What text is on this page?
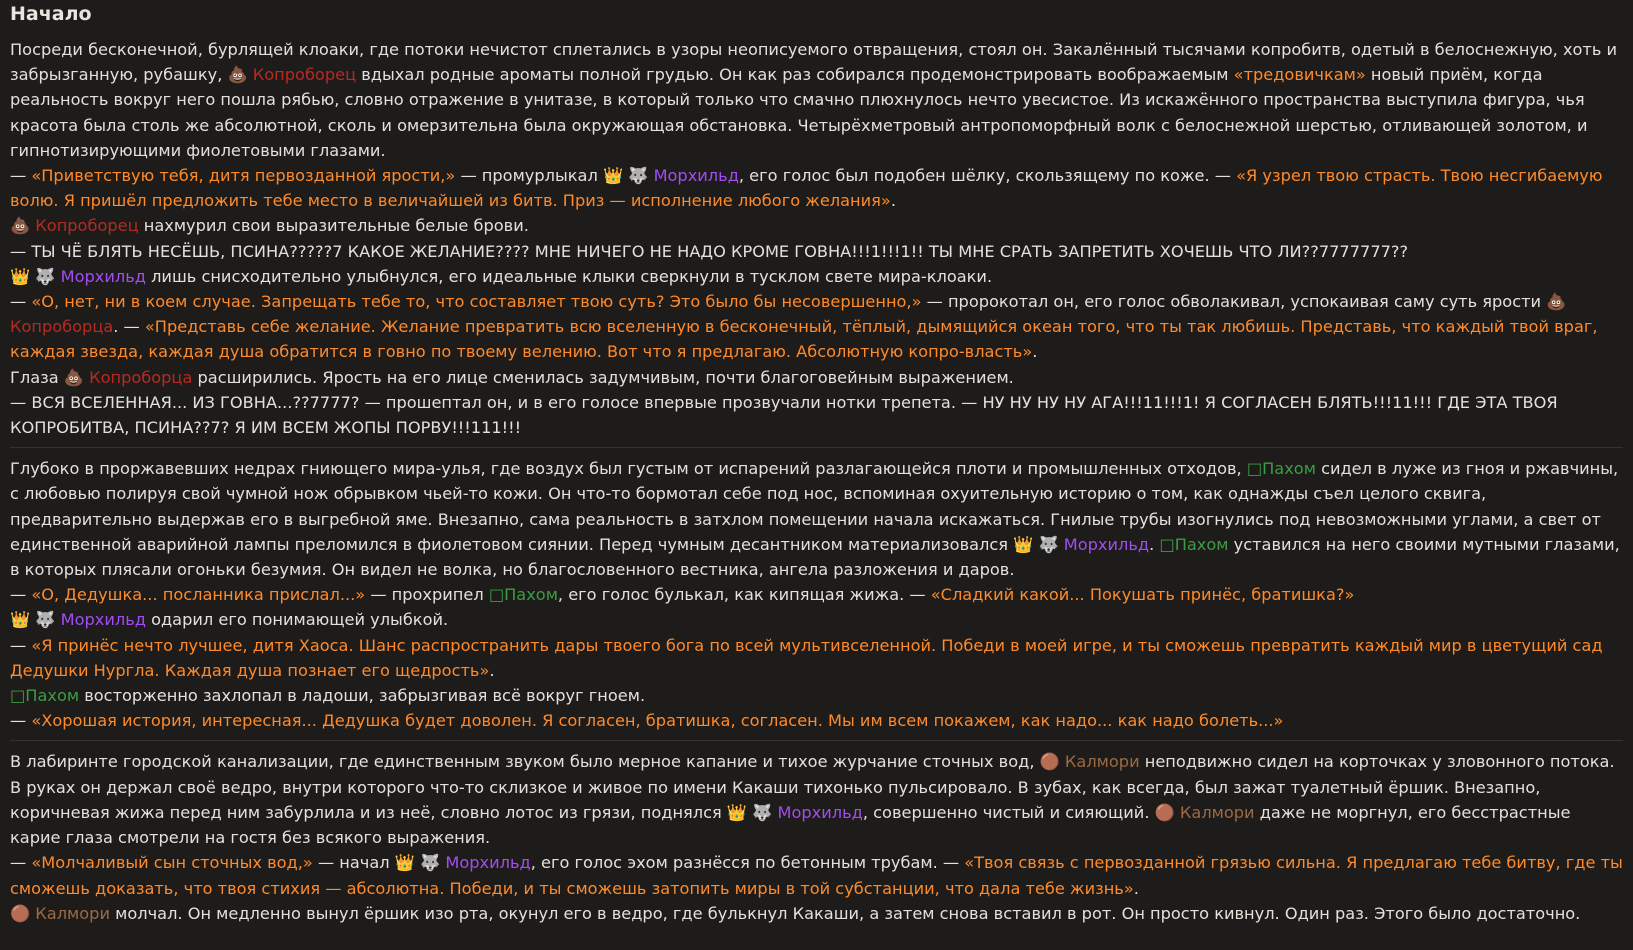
Начало

Посреди бесконечной, бурлящей клоаки, где потоки нечистот сплетались в узоры неописуемого отвращения, стоял он. Закалённый тысячами копробитв, одетый в белоснежную, хоть и забрызганную, рубашку, 💩 Копроборец вдыхал родные ароматы полной грудью. Он как раз собирался продемонстрировать воображаемым «тредовичкам» новый приём, когда реальность вокруг него пошла рябью, словно отражение в унитазе, в который только что смачно плюхнулось нечто увесистое. Из искажённого пространства выступила фигура, чья красота была столь же абсолютной, сколь и омерзительна была окружающая обстановка. Четырёхметровый антропоморфный волк с белоснежной шерстью, отливающей золотом, и гипнотизирующими фиолетовыми глазами.

— «Приветствую тебя, дитя первозданной ярости,» — промурлыкал 👑 🐺 Морхильд, его голос был подобен шёлку, скользящему по коже. — «Я узрел твою страсть. Твою несгибаемую волю. Я пришёл предложить тебе место в величайшей из битв. Приз — исполнение любого желания».

💩 Копроборец нахмурил свои выразительные белые брови.

— ТЫ ЧЁ БЛЯТЬ НЕСЁШЬ, ПСИНА?????7 КАКОЕ ЖЕЛАНИЕ???? МНЕ НИЧЕГО НЕ НАДО КРОМЕ ГОВНА!!!1!!!1!! ТЫ МНЕ СРАТЬ ЗАПРЕТИТЬ ХОЧЕШЬ ЧТО ЛИ??7777777??

👑 🐺 Морхильд лишь снисходительно улыбнулся, его идеальные клыки сверкнули в тусклом свете мира-клоаки.

— «О, нет, ни в коем случае. Запрещать тебе то, что составляет твою суть? Это было бы несовершенно,» — пророкотал он, его голос обволакивал, успокаивая саму суть ярости 💩 Копроборца. — «Представь себе желание. Желание превратить всю вселенную в бесконечный, тёплый, дымящийся океан того, что ты так любишь. Представь, что каждый твой враг, каждая звезда, каждая душа обратится в говно по твоему велению. Вот что я предлагаю. Абсолютную копро-власть».

Глаза 💩 Копроборца расширились. Ярость на его лице сменилась задумчивым, почти благоговейным выражением.

— ВСЯ ВСЕЛЕННАЯ... ИЗ ГОВНА...??7777? — прошептал он, и в его голосе впервые прозвучали нотки трепета. — НУ НУ НУ НУ АГА!!!11!!!1! Я СОГЛАСЕН БЛЯТЬ!!!11!!! ГДЕ ЭТА ТВОЯ КОПРОБИТВА, ПСИНА??7? Я ИМ ВСЕМ ЖОПЫ ПОРВУ!!!111!!!

Глубоко в проржавевших недрах гниющего мира-улья, где воздух был густым от испарений разлагающейся плоти и промышленных отходов, □Пахом сидел в луже из гноя и ржавчины, с любовью полируя свой чумной нож обрывком чьей-то кожи. Он что-то бормотал себе под нос, вспоминая охуительную историю о том, как однажды съел целого сквига, предварительно выдержав его в выгребной яме. Внезапно, сама реальность в затхлом помещении начала искажаться. Гнилые трубы изогнулись под невозможными углами, а свет от единственной аварийной лампы преломился в фиолетовом сиянии. Перед чумным десантником материализовался 👑 🐺 Морхильд. □Пахом уставился на него своими мутными глазами, в которых плясали огоньки безумия. Он видел не волка, но благословенного вестника, ангела разложения и даров.

— «О, Дедушка... посланника прислал...» — прохрипел □Пахом, его голос булькал, как кипящая жижа. — «Сладкий какой... Покушать принёс, братишка?»

👑 🐺 Морхильд одарил его понимающей улыбкой.

— «Я принёс нечто лучшее, дитя Хаоса. Шанс распространить дары твоего бога по всей мультивселенной. Победи в моей игре, и ты сможешь превратить каждый мир в цветущий сад Дедушки Нургла. Каждая душа познает его щедрость».

□Пахом восторженно захлопал в ладоши, забрызгивая всё вокруг гноем.

— «Хорошая история, интересная... Дедушка будет доволен. Я согласен, братишка, согласен. Мы им всем покажем, как надо... как надо болеть...»

В лабиринте городской канализации, где единственным звуком было мерное капание и тихое журчание сточных вод, 🟤 Калмори неподвижно сидел на корточках у зловонного потока. В руках он держал своё ведро, внутри которого что-то склизкое и живое по имени Какаши тихонько пульсировало. В зубах, как всегда, был зажат туалетный ёршик. Внезапно, коричневая жижа перед ним забурлила и из неё, словно лотос из грязи, поднялся 👑 🐺 Морхильд, совершенно чистый и сияющий. 🟤 Калмори даже не моргнул, его бесстрастные карие глаза смотрели на гостя без всякого выражения.

— «Молчаливый сын сточных вод,» — начал 👑 🐺 Морхильд, его голос эхом разнёсся по бетонным трубам. — «Твоя связь с первозданной грязью сильна. Я предлагаю тебе битву, где ты сможешь доказать, что твоя стихия — абсолютна. Победи, и ты сможешь затопить миры в той субстанции, что дала тебе жизнь».

🟤 Калмори молчал. Он медленно вынул ёршик изо рта, окунул его в ведро, где булькнул Какаши, а затем снова вставил в рот. Он просто кивнул. Один раз. Этого было достаточно.
